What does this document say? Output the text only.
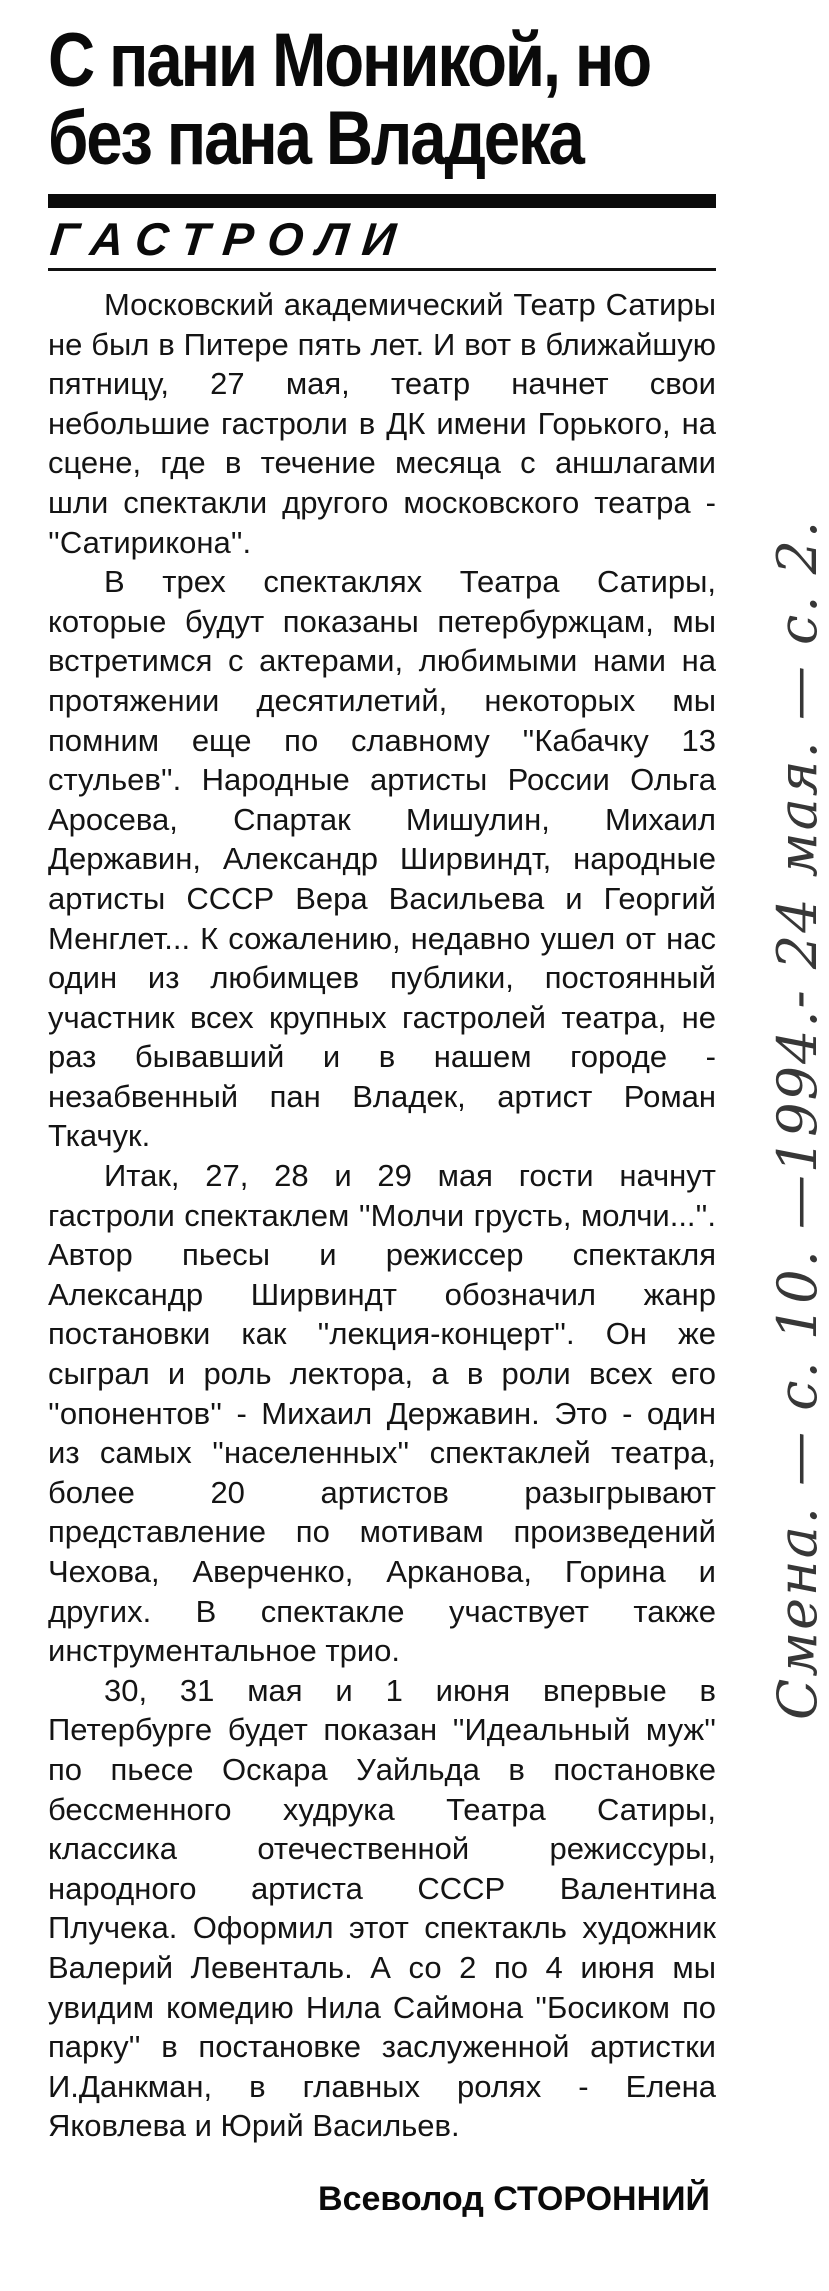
С пани Моникой, но
без пана Владека
ГАСТРОЛИ

Московский академический Театр Сатиры не был в Питере пять лет. И вот в ближайшую пятницу, 27 мая, театр начнет свои небольшие гастроли в ДК имени Горького, на сцене, где в течение месяца с аншлагами шли спектакли другого московского театра - ''Сатирикона''.

В трех спектаклях Театра Сатиры, которые будут показаны петербуржцам, мы встретимся с актерами, любимыми нами на протяжении десятилетий, некоторых мы помним еще по славному ''Кабачку 13 стульев''. Народные артисты России Ольга Аросева, Спартак Мишулин, Михаил Державин, Александр Ширвиндт, народные артисты СССР Вера Васильева и Георгий Менглет... К сожалению, недавно ушел от нас один из любимцев публики, постоянный участник всех крупных гастролей театра, не раз бывавший и в нашем городе - незабвенный пан Владек, артист Роман Ткачук.

Итак, 27, 28 и 29 мая гости начнут гастроли спектаклем ''Молчи грусть, молчи...''. Автор пьесы и режиссер спектакля Александр Ширвиндт обозначил жанр постановки как ''лекция-концерт''. Он же сыграл и роль лектора, а в роли всех его ''опонентов'' - Михаил Державин. Это - один из самых ''населенных'' спектаклей театра, более 20 артистов разыгрывают представление по мотивам произведений Чехова, Аверченко, Арканова, Горина и других. В спектакле участвует также инструментальное трио.

30, 31 мая и 1 июня впервые в Петербурге будет показан ''Идеальный муж'' по пьесе Оскара Уайльда в постановке бессменного худрука Театра Сатиры, классика отечественной режиссуры, народного артиста СССР Валентина Плучека. Оформил этот спектакль художник Валерий Левенталь. А со 2 по 4 июня мы увидим комедию Нила Саймона ''Босиком по парку'' в постановке заслуженной артистки И.Данкман, в главных ролях - Елена Яковлева и Юрий Васильев.

Всеволод СТОРОННИЙ
Смена. — с. 10. —1994.- 24 мая. — с. 2.
